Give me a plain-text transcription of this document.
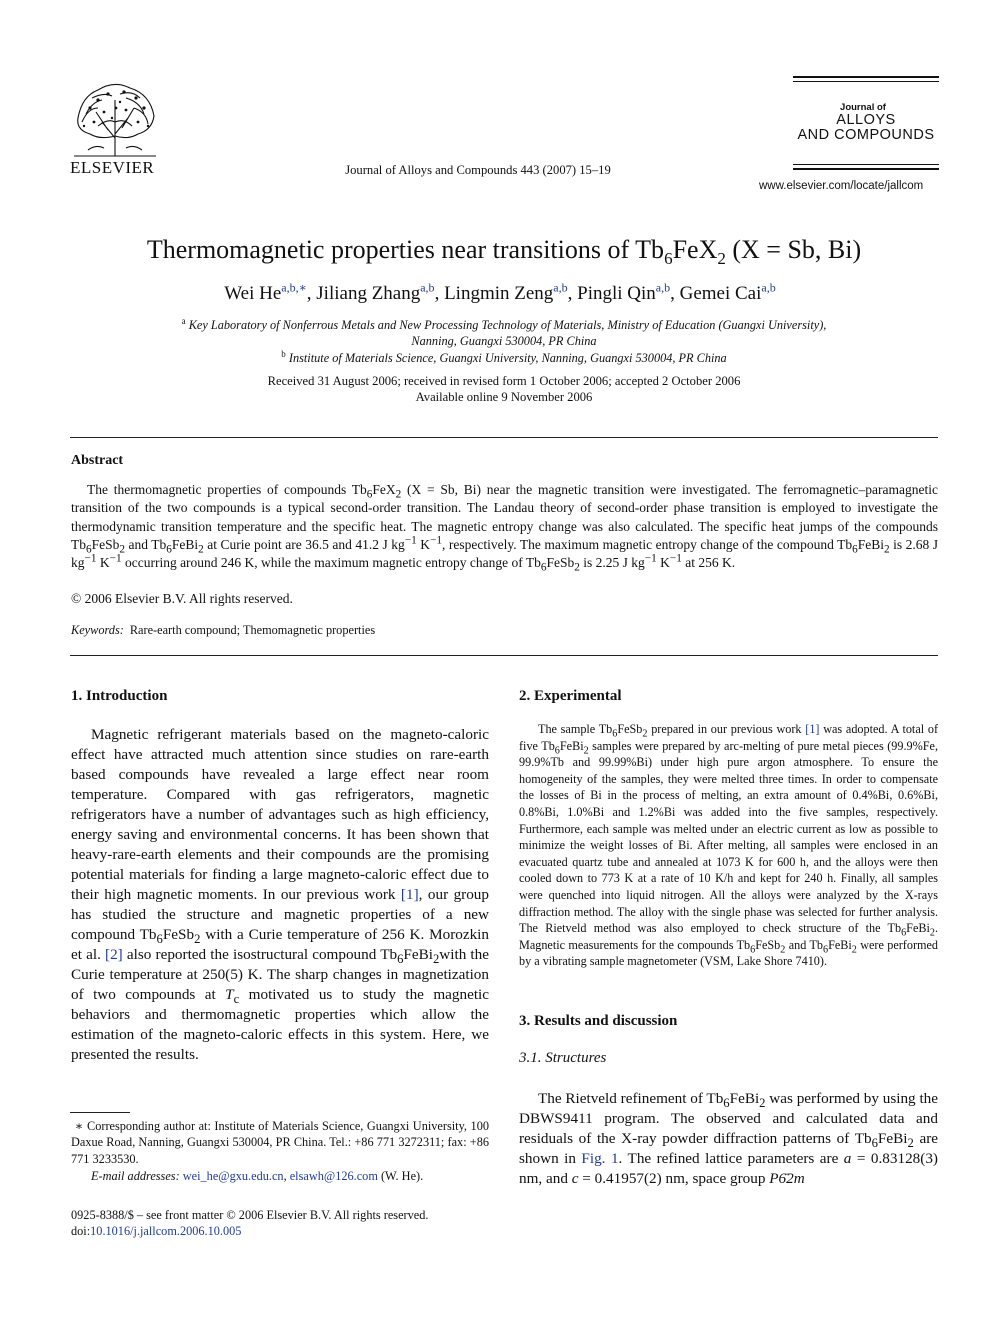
ELSEVIER	Journal of Alloys and Compounds 443 (2007) 15–19
Journal of
ALLOYS
AND COMPOUNDS
www.elsevier.com/locate/jallcom
Thermomagnetic properties near transitions of $Tb_6FeX_2$ (X = Sb, Bi)
Wei $He^{a,b,∗}$, Jiliang Zhang$^{a,b}$, Lingmin Zeng$^{a,b}$, Pingli Qin$^{a,b}$, Gemei Cai$^{a,b}$
$^a$ Key Laboratory of Nonferrous Metals and New Processing Technology of Materials, Ministry of Education (Guangxi University),
Nanning, Guangxi 530004, PR China
$^b$ Institute of Materials Science, Guangxi University, Nanning, Guangxi 530004, PR China
Received 31 August 2006; received in revised form 1 October 2006; accepted 2 October 2006
Available online 9 November 2006
Abstract
The thermomagnetic properties of compounds $Tb_6FeX_2$ (X = Sb, Bi) near the magnetic transition were investigated. The ferromagnetic–paramagnetic transition of the two compounds is a typical second-order transition. The Landau theory of second-order phase transition is employed to investigate the thermodynamic transition temperature and the specific heat. The magnetic entropy change was also calculated. The specific heat jumps of the compounds $Tb_6FeSb_2$ and $Tb_6FeBi_2$ at Curie point are 36.5 and 41.2 J $kg^{-1}$ $K^{-1}$, respectively. The maximum magnetic entropy change of the compound $Tb_6FeBi_2$ is 2.68 J $kg^{-1}$ $K^{-1}$ occurring around 246 K, while the maximum magnetic entropy change of $Tb_6FeSb_2$ is 2.25 J $kg^{-1}$ $K^{-1}$ at 256 K.
© 2006 Elsevier B.V. All rights reserved.
Keywords: Rare-earth compound; Themomagnetic properties
1. Introduction
Magnetic refrigerant materials based on the magneto-caloric effect have attracted much attention since studies on rare-earth based compounds have revealed a large effect near room temperature. Compared with gas refrigerators, magnetic refrigerators have a number of advantages such as high efficiency, energy saving and environmental concerns. It has been shown that heavy-rare-earth elements and their compounds are the promising potential materials for finding a large magneto-caloric effect due to their high magnetic moments. In our previous work [1], our group has studied the structure and magnetic properties of a new compound $Tb_6FeSb_2$ with a Curie temperature of 256 K. Morozkin et al. [2] also reported the isostructural compound $Tb_6FeBi_2with$ the Curie temperature at 250(5) K. The sharp changes in magnetization of two compounds at $T_c$ motivated us to study the magnetic behaviors and thermomagnetic properties which allow the estimation of the magneto-caloric effects in this system. Here, we presented the results.
∗ Corresponding author at: Institute of Materials Science, Guangxi University, 100 Daxue Road, Nanning, Guangxi 530004, PR China. Tel.: +86 771 3272311; fax: +86 771 3233530.
E-mail addresses: wei_he@gxu.edu.cn, elsawh@126.com (W. He).
0925-8388/$ – see front matter © 2006 Elsevier B.V. All rights reserved.
doi:10.1016/j.jallcom.2006.10.005
2. Experimental
The sample $Tb_6FeSb_2$ prepared in our previous work [1] was adopted. A total of five $Tb_6FeBi_2$ samples were prepared by arc-melting of pure metal pieces (99.9%Fe, 99.9%Tb and 99.99%Bi) under high pure argon atmosphere. To ensure the homogeneity of the samples, they were melted three times. In order to compensate the losses of Bi in the process of melting, an extra amount of 0.4%Bi, 0.6%Bi, 0.8%Bi, 1.0%Bi and 1.2%Bi was added into the five samples, respectively. Furthermore, each sample was melted under an electric current as low as possible to minimize the weight losses of Bi. After melting, all samples were enclosed in an evacuated quartz tube and annealed at 1073 K for 600 h, and the alloys were then cooled down to 773 K at a rate of 10 K/h and kept for 240 h. Finally, all samples were quenched into liquid nitrogen. All the alloys were analyzed by the X-rays diffraction method. The alloy with the single phase was selected for further analysis. The Rietveld method was also employed to check structure of the $Tb_6FeBi_2$. Magnetic measurements for the compounds $Tb_6FeSb_2$ and $Tb_6FeBi_2$ were performed by a vibrating sample magnetometer (VSM, Lake Shore 7410).
3. Results and discussion
3.1. Structures
The Rietveld refinement of $Tb_6FeBi_2$ was performed by using the DBWS9411 program. The observed and calculated data and residuals of the X-ray powder diffraction patterns of $Tb_6FeBi_2$ are shown in Fig. 1. The refined lattice parameters are a = 0.83128(3) nm, and c = 0.41957(2) nm, space group P6̄2m
